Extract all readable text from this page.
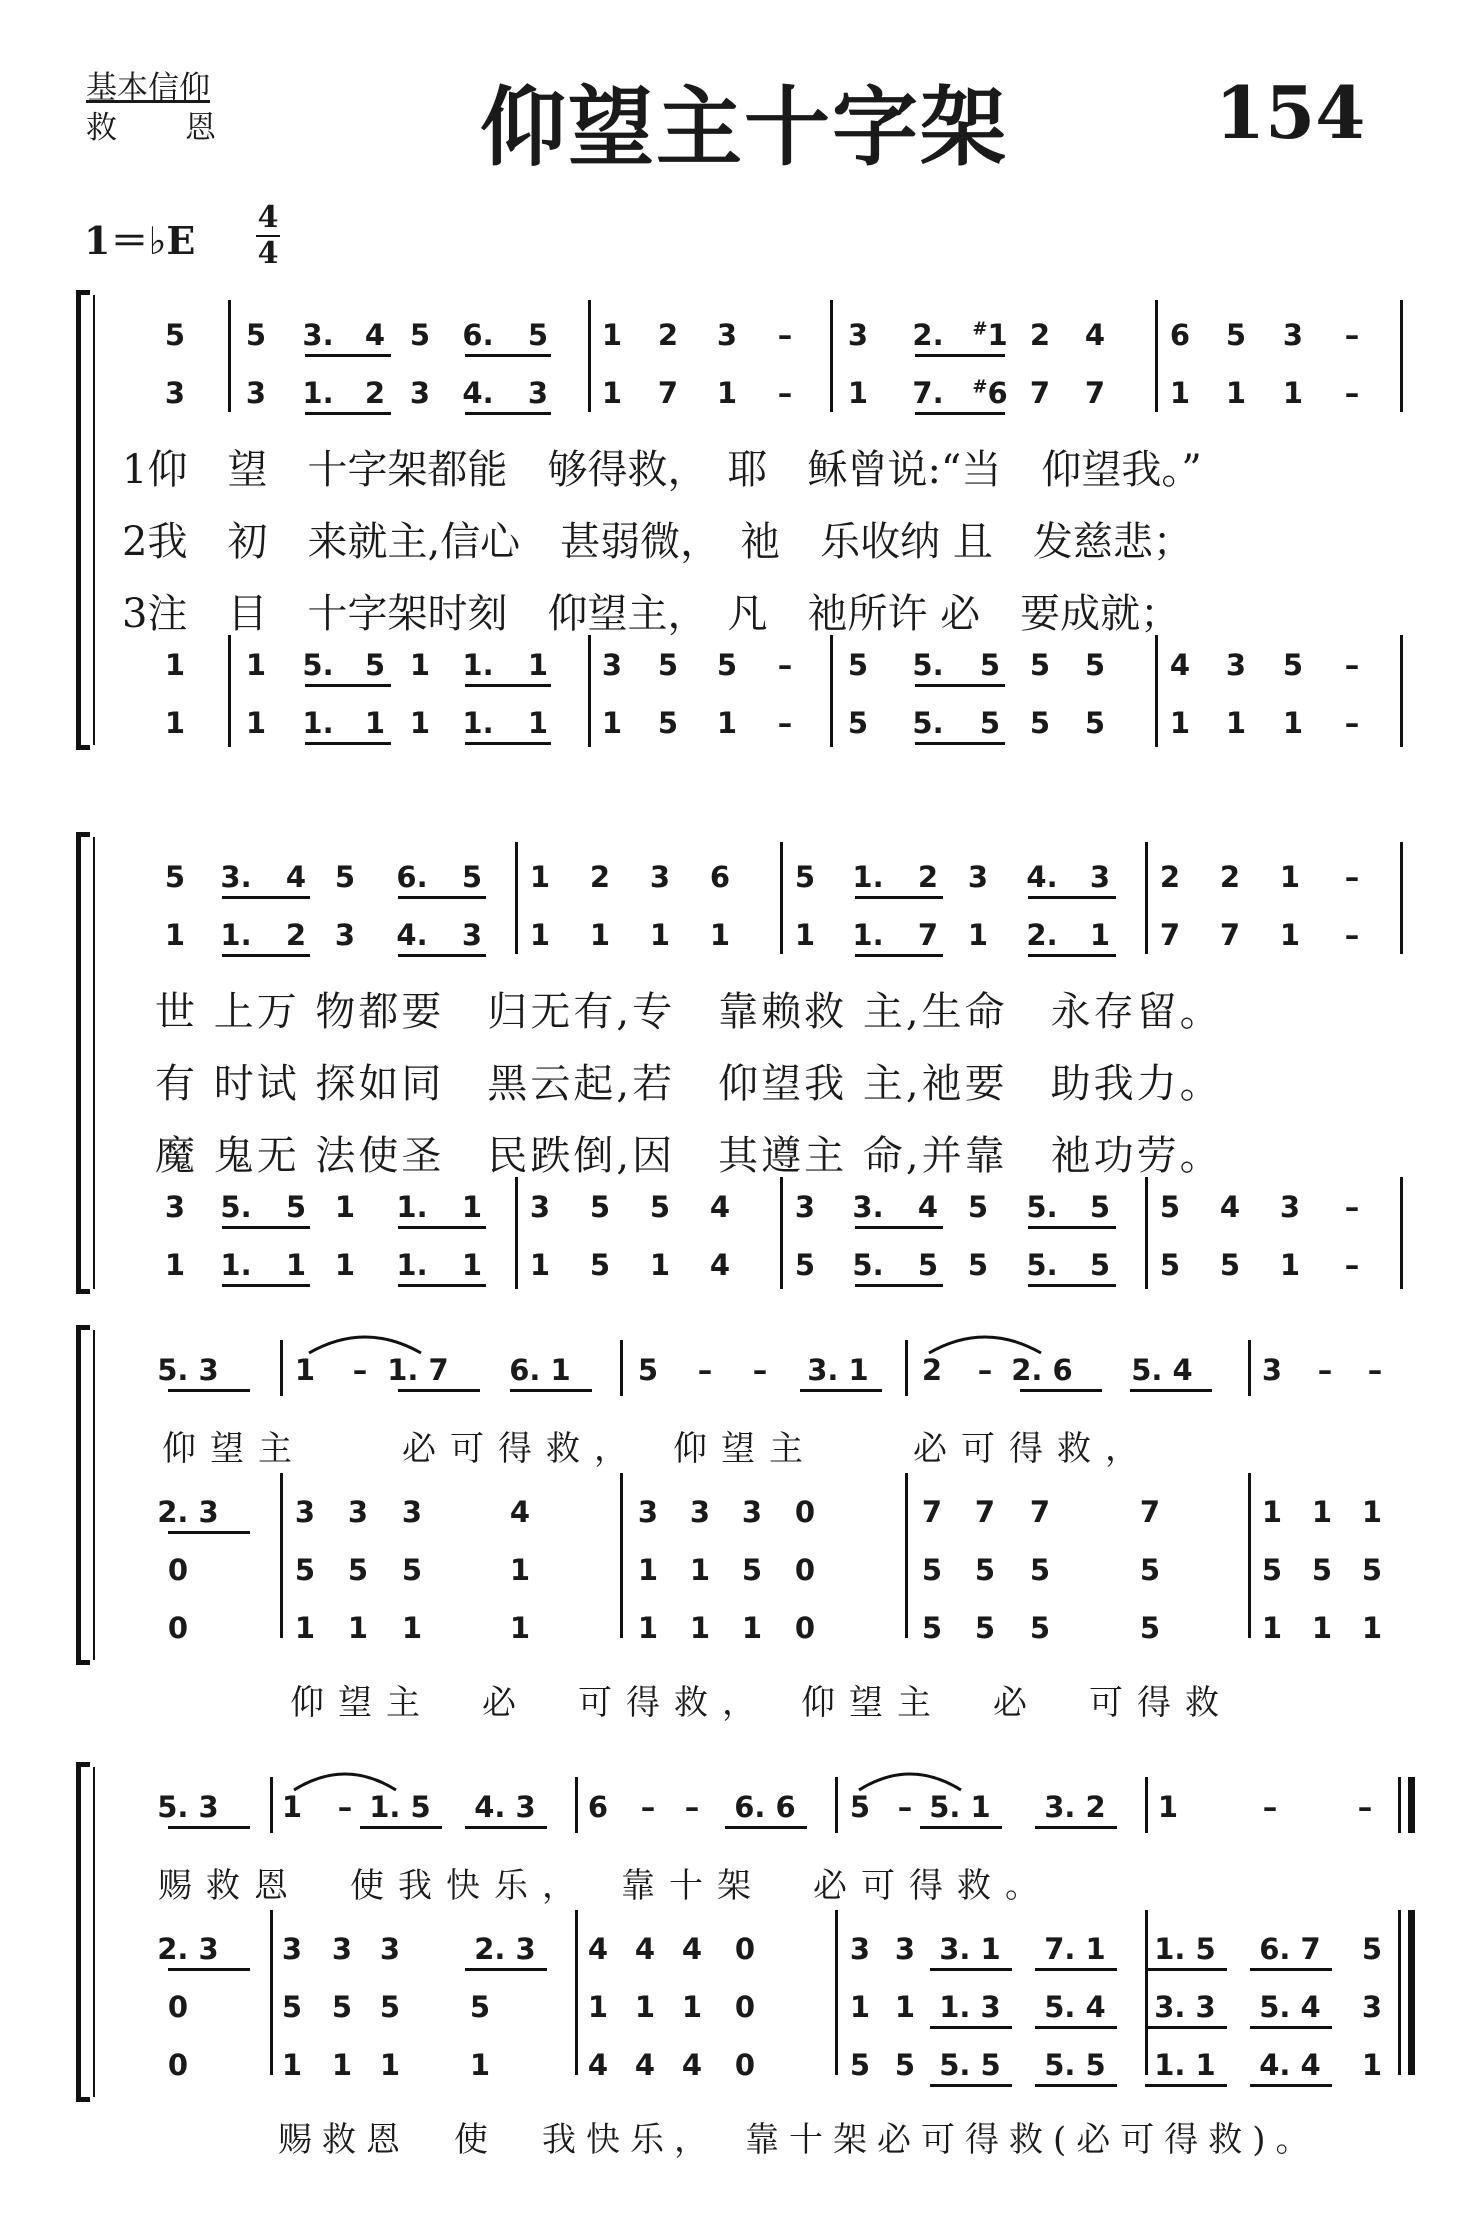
基本信仰
救　　恩	仰望主十字架	154
1＝♭E
4
4
5 5 3. 4 5 6. 5 1 2 3 – 3 2. #1 2 4 6 5 3 –
3 3 1. 2 3 4. 3 1 7 1 – 1 7. #6 7 7 1 1 1 –
1仰　望　十字架都能　够得救，　耶　稣曾说:“当　仰望我。”
2我　初　来就主,信心　甚弱微，　祂　乐收纳 且　发慈悲；
3注　目　十字架时刻　仰望主，　凡　祂所许 必　要成就；
1 1 5. 5 1 1. 1 3 5 5 – 5 5. 5 5 5 4 3 5 –
1 1 1. 1 1 1. 1 1 5 1 – 5 5. 5 5 5 1 1 1 –
5 3. 4 5 6. 5 1 2 3 6 5 1. 2 3 4. 3 2 2 1 –
1 1. 2 3 4. 3 1 1 1 1 1 1. 7 1 2. 1 7 7 1 –
世 上万 物都要　归无有,专　靠赖救 主,生命　永存留。
有 时试 探如同　黑云起,若　仰望我 主,祂要　助我力。
魔 鬼无 法使圣　民跌倒,因　其遵主 命,并靠　祂功劳。
3 5. 5 1 1. 1 3 5 5 4 3 3. 4 5 5. 5 5 4 3 –
1 1. 1 1 1. 1 1 5 1 4 5 5. 5 5 5. 5 5 5 1 –
5. 3	1 – 1. 7 6. 1 5 – – 3. 1 2 – 2. 6 5. 4 3 – –
仰望主　　必可得救，　仰望主　　必可得救，
2. 3	3 3 3	4	3 3 3 0	7 7 7	7	1 1 1
0	5 5 5	1	1 1 5 0	5 5 5	5	5 5 5
0	1 1 1	1	1 1 1 0	5 5 5	5	1 1 1
仰望主　必　可得救，　仰望主　必　可得救
5. 3 1 – 1. 5 4. 3 6 – – 6. 6 5 – 5. 1 3. 2 1	–	–
赐救恩　使我快乐，　靠十架　必可得救。
2. 3 3 3 3	2. 3 4 4 4 0	3 3 3. 1 7. 1 1. 5 6. 7 5
0	5 5 5 5	1 1 1 0	1 1 1. 3 5. 4 3. 3 5. 4 3
0	1 1 1 1	4 4 4 0	5 5 5. 5 5. 5 1. 1 4. 4 1
赐救恩　使　我快乐，　靠十架必可得救(必可得救)。
